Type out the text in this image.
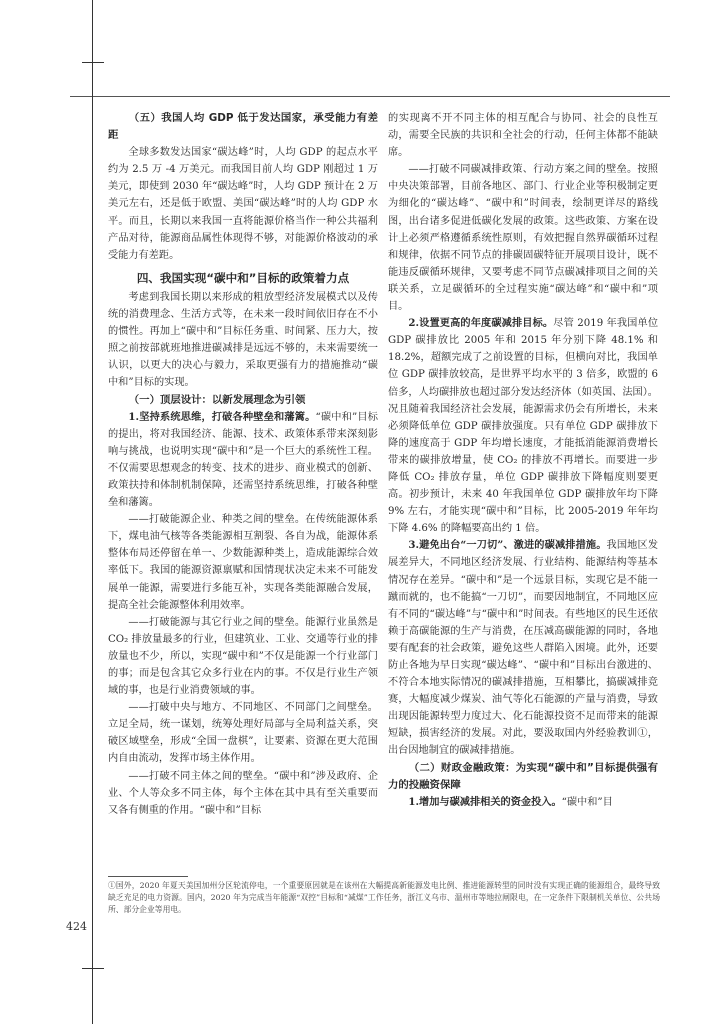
（五）我国人均 GDP 低于发达国家，承受能力有差距

全球多数发达国家“碳达峰”时，人均 GDP 的起点水平约为 2.5 万 -4 万美元。而我国目前人均 GDP 刚超过 1 万美元，即使到 2030 年“碳达峰”时，人均 GDP 预计在 2 万美元左右，还是低于欧盟、美国“碳达峰”时的人均 GDP 水平。而且，长期以来我国一直将能源价格当作一种公共福利产品对待，能源商品属性体现得不够，对能源价格波动的承受能力有差距。

四、我国实现“碳中和”目标的政策着力点

考虑到我国长期以来形成的粗放型经济发展模式以及传统的消费理念、生活方式等，在未来一段时间依旧存在不小的惯性。再加上“碳中和”目标任务重、时间紧、压力大，按照之前按部就班地推进碳减排是远远不够的，未来需要统一认识，以更大的决心与毅力，采取更强有力的措施推动“碳中和”目标的实现。

（一）顶层设计：以新发展理念为引领

1.坚持系统思维，打破各种壁垒和藩篱。“碳中和”目标的提出，将对我国经济、能源、技术、政策体系带来深刻影响与挑战，也说明实现“碳中和”是一个巨大的系统性工程。不仅需要思想观念的转变、技术的进步、商业模式的创新、政策扶持和体制机制保障，还需坚持系统思维，打破各种壁垒和藩篱。

——打破能源企业、种类之间的壁垒。在传统能源体系下，煤电油气核等各类能源相互割裂、各自为战，能源体系整体布局还停留在单一、少数能源种类上，造成能源综合效率低下。我国的能源资源禀赋和国情现状决定未来不可能发展单一能源，需要进行多能互补，实现各类能源融合发展，提高全社会能源整体利用效率。

——打破能源与其它行业之间的壁垒。能源行业虽然是 CO₂ 排放量最多的行业，但建筑业、工业、交通等行业的排放量也不少，所以，实现“碳中和”不仅是能源一个行业部门的事；而是包含其它众多行业在内的事。不仅是行业生产领域的事，也是行业消费领域的事。

——打破中央与地方、不同地区、不同部门之间壁垒。立足全局，统一谋划，统筹处理好局部与全局利益关系，突破区域壁垒，形成“全国一盘棋”，让要素、资源在更大范围内自由流动，发挥市场主体作用。

——打破不同主体之间的壁垒。“碳中和”涉及政府、企业、个人等众多不同主体，每个主体在其中具有至关重要而又各有侧重的作用。“碳中和”目标

的实现离不开不同主体的相互配合与协同、社会的良性互动，需要全民族的共识和全社会的行动，任何主体都不能缺席。

——打破不同碳减排政策、行动方案之间的壁垒。按照中央决策部署，目前各地区、部门、行业企业等积极制定更为细化的“碳达峰”、“碳中和”时间表，绘制更详尽的路线图，出台诸多促进低碳化发展的政策。这些政策、方案在设计上必须严格遵循系统性原则，有效把握自然界碳循环过程和规律，依据不同节点的排碳固碳特征开展项目设计，既不能违反碳循环规律，又要考虑不同节点碳减排项目之间的关联关系，立足碳循环的全过程实施“碳达峰”和“碳中和”项目。

2.设置更高的年度碳减排目标。尽管 2019 年我国单位 GDP 碳排放比 2005 年和 2015 年分别下降 48.1% 和 18.2%，超额完成了之前设置的目标，但横向对比，我国单位 GDP 碳排放较高，是世界平均水平的 3 倍多，欧盟的 6 倍多，人均碳排放也超过部分发达经济体（如英国、法国）。况且随着我国经济社会发展，能源需求仍会有所增长，未来必须降低单位 GDP 碳排放强度。只有单位 GDP 碳排放下降的速度高于 GDP 年均增长速度，才能抵消能源消费增长带来的碳排放增量，使 CO₂ 的排放不再增长。而要进一步降低 CO₂ 排放存量，单位 GDP 碳排放下降幅度则要更高。初步预计，未来 40 年我国单位 GDP 碳排放年均下降 9% 左右，才能实现“碳中和”目标，比 2005-2019 年年均下降 4.6% 的降幅要高出约 1 倍。

3.避免出台“一刀切”、激进的碳减排措施。我国地区发展差异大，不同地区经济发展、行业结构、能源结构等基本情况存在差异。“碳中和”是一个远景目标，实现它是不能一蹴而就的，也不能搞“一刀切”，而要因地制宜，不同地区应有不同的“碳达峰”与“碳中和”时间表。有些地区的民生还依赖于高碳能源的生产与消费，在压减高碳能源的同时，各地要有配套的社会政策，避免这些人群陷入困境。此外，还要防止各地为早日实现“碳达峰”、“碳中和”目标出台激进的、不符合本地实际情况的碳减排措施，互相攀比，搞碳减排竞赛，大幅度减少煤炭、油气等化石能源的产量与消费，导致出现因能源转型力度过大、化石能源投资不足而带来的能源短缺，损害经济的发展。对此，要汲取国内外经验教训①，出台因地制宜的碳减排措施。

（二）财政金融政策：为实现“碳中和”目标提供强有力的投融资保障

1.增加与碳减排相关的资金投入。“碳中和”目

①国外，2020 年夏天美国加州分区轮流停电，一个重要原因就是在该州在大幅提高新能源发电比例、推进能源转型的同时没有实现正确的能源组合，最终导致缺乏充足的电力资源。国内，2020 年为完成当年能源“双控”目标和“减煤”工作任务，浙江义乌市、温州市等地拉闸限电，在一定条件下限制机关单位、公共场所、部分企业等用电。
424
